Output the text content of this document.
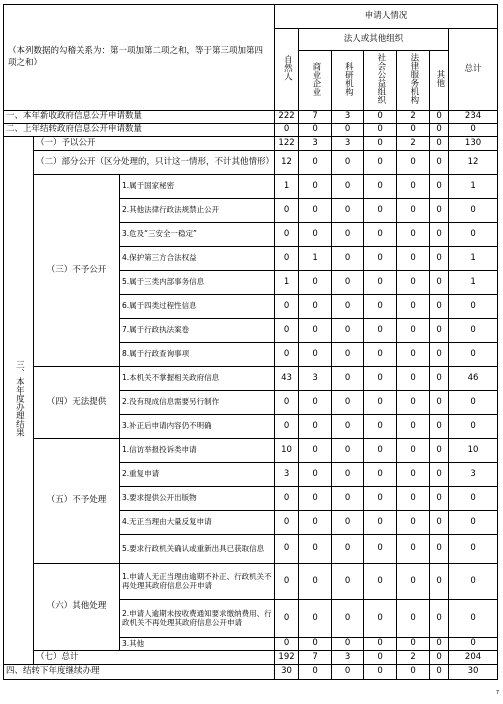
（本列数据的勾稽关系为：第一项加第二项之和，等于第三项加第四项之和）			申请人情况						
			自然人	法人或其他组织					总计
				商业企业	科研机构	社会公益组织	法律服务机构	其他	
一、本年新收政府信息公开申请数量			222	7	3	0	2	0	234
二、上年结转政府信息公开申请数量			0	0	0	0	0	0	0
三、本年度办理结果	（一）予以公开		122	3	3	0	2	0	130
	（二）部分公开（区分处理的，只计这一情形，不计其他情形）		12	0	0	0	0	0	12
	（三）不予公开	1.属于国家秘密	1	0	0	0	0	0	1
		2.其他法律行政法规禁止公开	0	0	0	0	0	0	0
		3.危及“三安全一稳定”	0	0	0	0	0	0	0
		4.保护第三方合法权益	0	1	0	0	0	0	1
		5.属于三类内部事务信息	1	0	0	0	0	0	1
		6.属于四类过程性信息	0	0	0	0	0	0	0
		7.属于行政执法案卷	0	0	0	0	0	0	0
		8.属于行政查询事项	0	0	0	0	0	0	0
	（四）无法提供	1.本机关不掌握相关政府信息	43	3	0	0	0	0	46
		2.没有现成信息需要另行制作	0	0	0	0	0	0	0
		3.补正后申请内容仍不明确	0	0	0	0	0	0	0
	（五）不予处理	1.信访举报投诉类申请	10	0	0	0	0	0	10
		2.重复申请	3	0	0	0	0	0	3
		3.要求提供公开出版物	0	0	0	0	0	0	0
		4.无正当理由大量反复申请	0	0	0	0	0	0	0
		5.要求行政机关确认或重新出具已获取信息	0	0	0	0	0	0	0
	（六）其他处理	1.申请人无正当理由逾期不补正、行政机关不再处理其政府信息公开申请	0	0	0	0	0	0	0
		2.申请人逾期未按收费通知要求缴纳费用、行政机关不再处理其政府信息公开申请	0	0	0	0	0	0	0
		3.其他	0	0	0	0	0	0	0
	（七）总计		192	7	3	0	2	0	204
四、结转下年度继续办理			30	0	0	0	0	0	30
7
